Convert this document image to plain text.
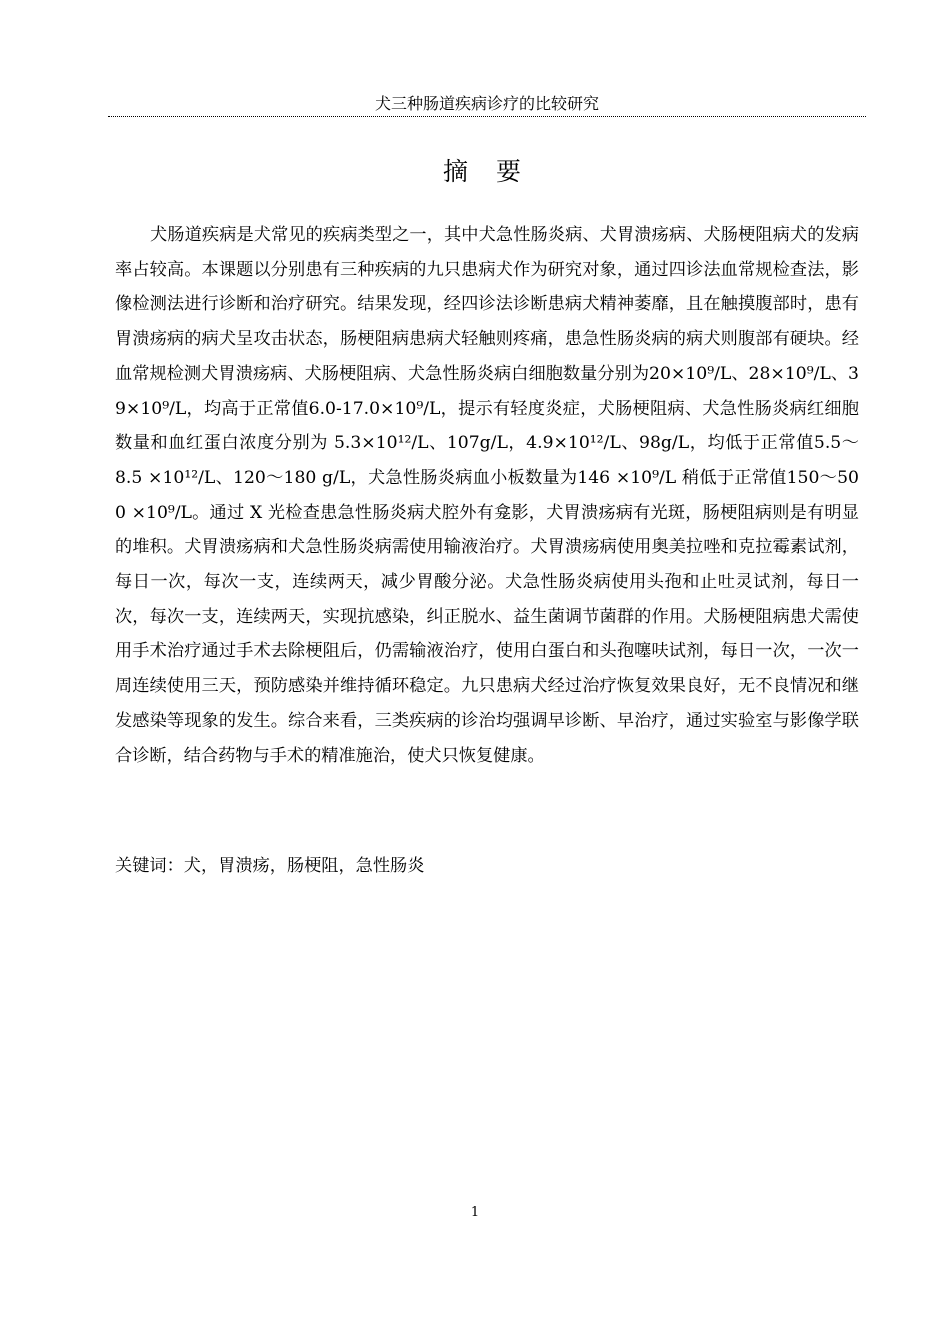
犬三种肠道疾病诊疗的比较研究
摘 要

犬肠道疾病是犬常见的疾病类型之一，其中犬急性肠炎病、犬胃溃疡病、犬肠梗阻病犬的发病率占较高。本课题以分别患有三种疾病的九只患病犬作为研究对象，通过四诊法血常规检查法，影像检测法进行诊断和治疗研究。结果发现，经四诊法诊断患病犬精神萎靡，且在触摸腹部时，患有胃溃疡病的病犬呈攻击状态，肠梗阻病患病犬轻触则疼痛，患急性肠炎病的病犬则腹部有硬块。经血常规检测犬胃溃疡病、犬肠梗阻病、犬急性肠炎病白细胞数量分别为20×10⁹/L、28×10⁹/L、39×10⁹/L，均高于正常值6.0-17.0×10⁹/L，提示有轻度炎症，犬肠梗阻病、犬急性肠炎病红细胞数量和血红蛋白浓度分别为 5.3×10¹²/L、107g/L，4.9×10¹²/L、98g/L，均低于正常值5.5～8.5 ×10¹²/L、120～180 g/L，犬急性肠炎病血小板数量为146 ×10⁹/L 稍低于正常值150～500 ×10⁹/L。通过 X 光检查患急性肠炎病犬腔外有龛影，犬胃溃疡病有光斑，肠梗阻病则是有明显的堆积。犬胃溃疡病和犬急性肠炎病需使用输液治疗。犬胃溃疡病使用奥美拉唑和克拉霉素试剂，每日一次，每次一支，连续两天，减少胃酸分泌。犬急性肠炎病使用头孢和止吐灵试剂，每日一次，每次一支，连续两天，实现抗感染，纠正脱水、益生菌调节菌群的作用。犬肠梗阻病患犬需使用手术治疗通过手术去除梗阻后，仍需输液治疗，使用白蛋白和头孢噻呋试剂，每日一次，一次一周连续使用三天，预防感染并维持循环稳定。九只患病犬经过治疗恢复效果良好，无不良情况和继发感染等现象的发生。综合来看，三类疾病的诊治均强调早诊断、早治疗，通过实验室与影像学联合诊断，结合药物与手术的精准施治，使犬只恢复健康。

关键词：犬，胃溃疡，肠梗阻，急性肠炎

1
